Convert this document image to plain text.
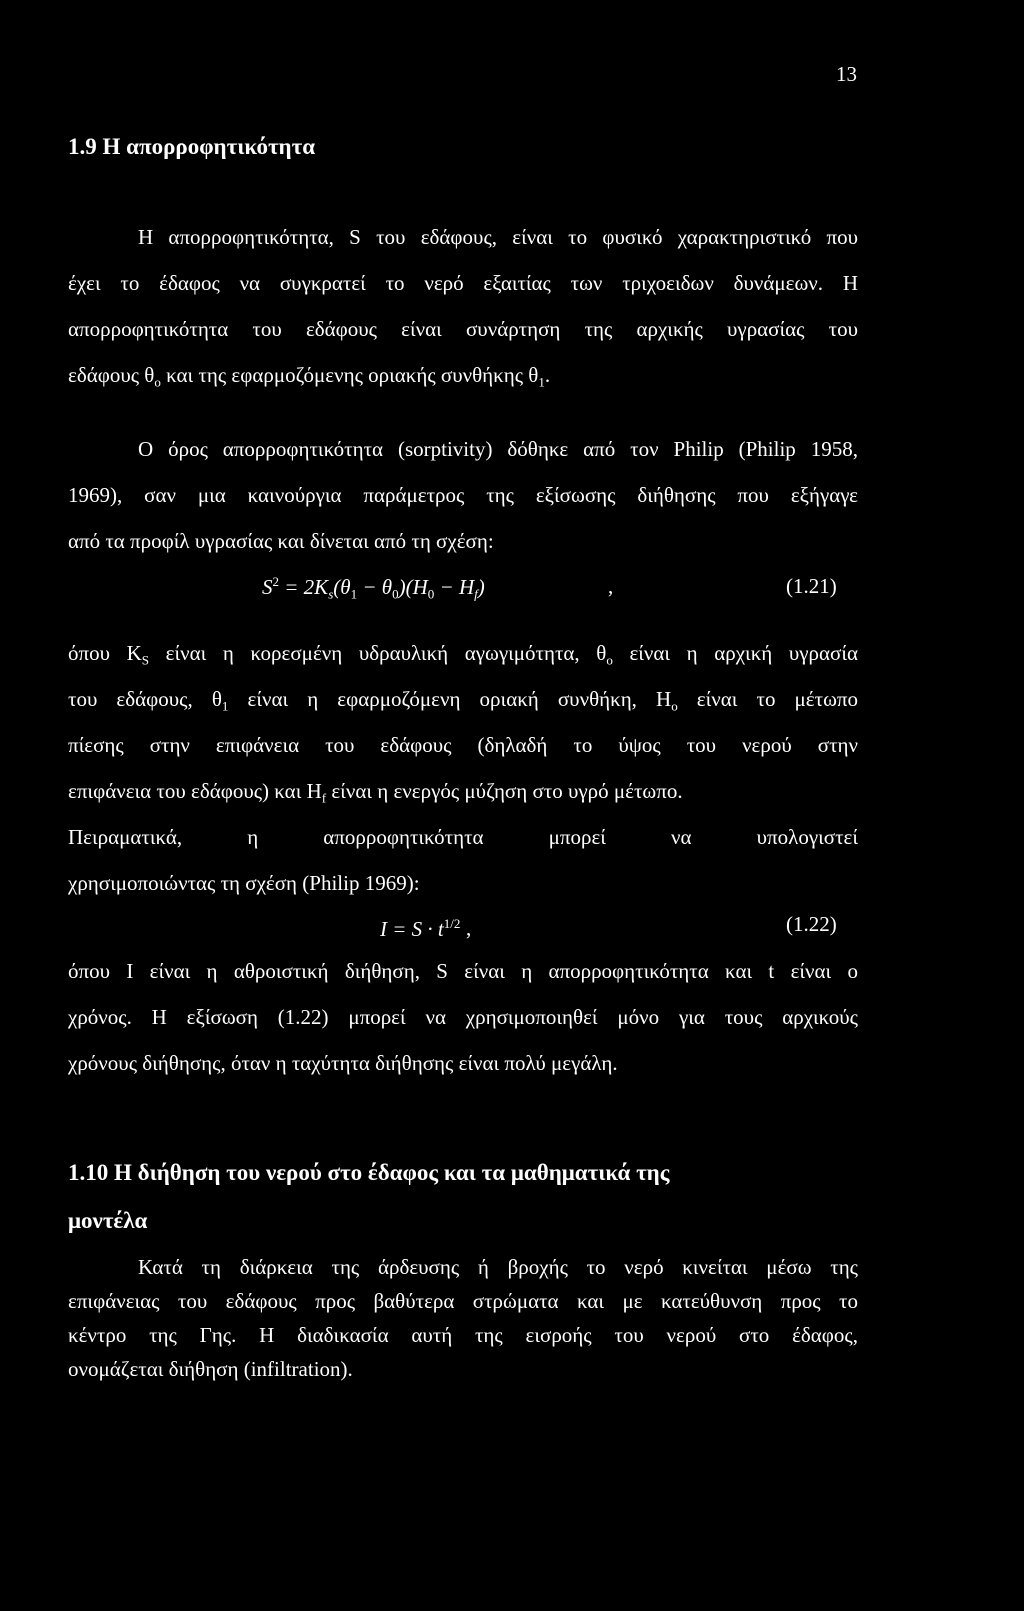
13
1.9 Η απορροφητικότητα
Η απορροφητικότητα, S του εδάφους, είναι το φυσικό χαρακτηριστικό που
έχει το έδαφος να συγκρατεί το νερό εξαιτίας των τριχοειδων δυνάμεων. Η
απορροφητικότητα του εδάφους είναι συνάρτηση της αρχικής υγρασίας του
εδάφους $\theta_o$ και της εφαρμοζόμενης οριακής συνθήκης $\theta_1$.
Ο όρος απορροφητικότητα (sorptivity) δόθηκε από τον Philip (Philip 1958,
1969), σαν μια καινούργια παράμετρος της εξίσωσης διήθησης που εξήγαγε
από τα προφίλ υγρασίας και δίνεται από τη σχέση:
$S^2 = 2K_s(\theta_1 - \theta_0)(H_0 - H_f)$	,	(1.21)
όπου $K_S$ είναι η κορεσμένη υδραυλική αγωγιμότητα, $\theta_o$ είναι η αρχική υγρασία
του εδάφους, $\theta_1$ είναι η εφαρμοζόμενη οριακή συνθήκη, $H_o$ είναι το μέτωπο
πίεσης στην επιφάνεια του εδάφους (δηλαδή το ύψος του νερού στην
επιφάνεια του εδάφους) και $H_f$ είναι η ενεργός μύζηση στο υγρό μέτωπο.
Πειραματικά, η απορροφητικότητα μπορεί να υπολογιστεί
χρησιμοποιώντας τη σχέση (Philip 1969):
$I = S \cdot t^{1/2}$ ,	(1.22)
όπου I είναι η αθροιστική διήθηση, S είναι η απορροφητικότητα και t είναι ο
χρόνος. Η εξίσωση (1.22) μπορεί να χρησιμοποιηθεί μόνο για τους αρχικούς
χρόνους διήθησης, όταν η ταχύτητα διήθησης είναι πολύ μεγάλη.
1.10 Η διήθηση του νερού στο έδαφος και τα μαθηματικά της
μοντέλα
Κατά τη διάρκεια της άρδευσης ή βροχής το νερό κινείται μέσω της
επιφάνειας του εδάφους προς βαθύτερα στρώματα και με κατεύθυνση προς το
κέντρο της Γης. Η διαδικασία αυτή της εισροής του νερού στο έδαφος,
ονομάζεται διήθηση (infiltration).
